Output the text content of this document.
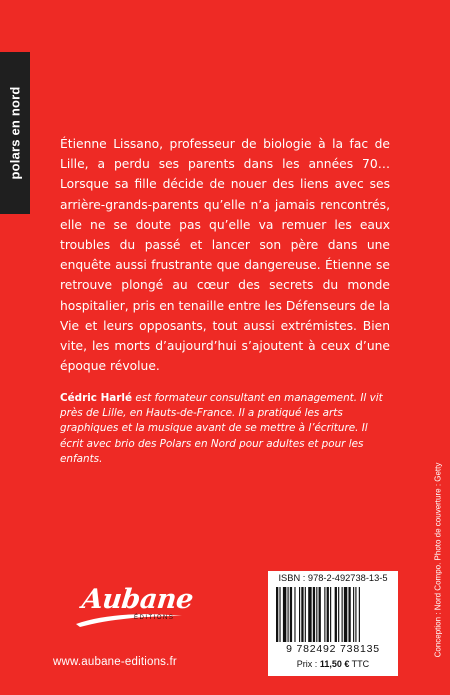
polars en nord	Étienne Lissano, professeur de biologie à la fac de Lille, a perdu ses parents dans les années 70… Lorsque sa fille décide de nouer des liens avec ses arrière-grands-parents qu’elle n’a jamais rencontrés, elle ne se doute pas qu’elle va remuer les eaux troubles du passé et lancer son père dans une enquête aussi frustrante que dangereuse. Étienne se retrouve plongé au cœur des secrets du monde hospitalier, pris en tenaille entre les Défenseurs de la Vie et leurs opposants, tout aussi extrémistes. Bien vite, les morts d’aujourd’hui s’ajoutent à ceux d’une époque révolue.
Cédric Harlé est formateur consultant en management. Il vit près de Lille, en Hauts-de-France. Il a pratiqué les arts graphiques et la musique avant de se mettre à l’écriture. Il écrit avec brio des Polars en Nord pour adultes et pour les enfants.
Conception : Nord Compo. Photo de couverture : Getty
Aubane
ÉDITIONS
www.aubane-editions.fr
ISBN : 978-2-492738-13-5
9 782492 738135
Prix : 11,50 € TTC
